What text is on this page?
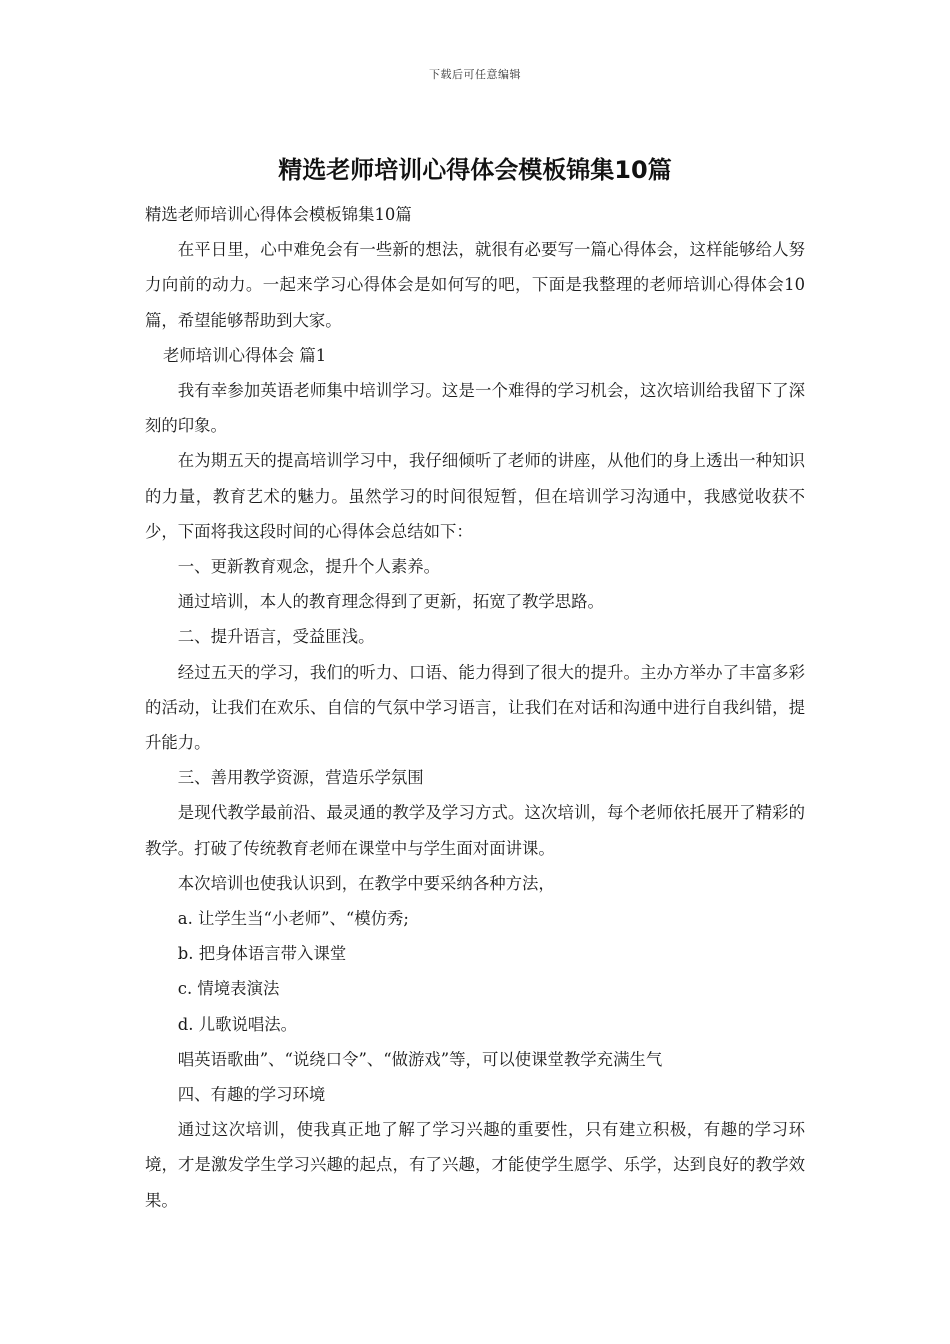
下载后可任意编辑
精选老师培训心得体会模板锦集10篇

精选老师培训心得体会模板锦集10篇

在平日里，心中难免会有一些新的想法，就很有必要写一篇心得体会，这样能够给人努力向前的动力。一起来学习心得体会是如何写的吧，下面是我整理的老师培训心得体会10篇，希望能够帮助到大家。

老师培训心得体会 篇1

我有幸参加英语老师集中培训学习。这是一个难得的学习机会，这次培训给我留下了深刻的印象。

在为期五天的提高培训学习中，我仔细倾听了老师的讲座，从他们的身上透出一种知识的力量，教育艺术的魅力。虽然学习的时间很短暂，但在培训学习沟通中，我感觉收获不少，下面将我这段时间的心得体会总结如下：

一、更新教育观念，提升个人素养。

通过培训，本人的教育理念得到了更新，拓宽了教学思路。

二、提升语言，受益匪浅。

经过五天的学习，我们的听力、口语、能力得到了很大的提升。主办方举办了丰富多彩的活动，让我们在欢乐、自信的气氛中学习语言，让我们在对话和沟通中进行自我纠错，提升能力。

三、善用教学资源，营造乐学氛围

是现代教学最前沿、最灵通的教学及学习方式。这次培训，每个老师依托展开了精彩的教学。打破了传统教育老师在课堂中与学生面对面讲课。

本次培训也使我认识到，在教学中要采纳各种方法，

a. 让学生当“小老师”、“模仿秀;

b. 把身体语言带入课堂

c. 情境表演法

d. 儿歌说唱法。

唱英语歌曲”、“说绕口令”、“做游戏”等，可以使课堂教学充满生气

四、有趣的学习环境

通过这次培训，使我真正地了解了学习兴趣的重要性，只有建立积极，有趣的学习环境，才是激发学生学习兴趣的起点，有了兴趣，才能使学生愿学、乐学，达到良好的教学效果。
